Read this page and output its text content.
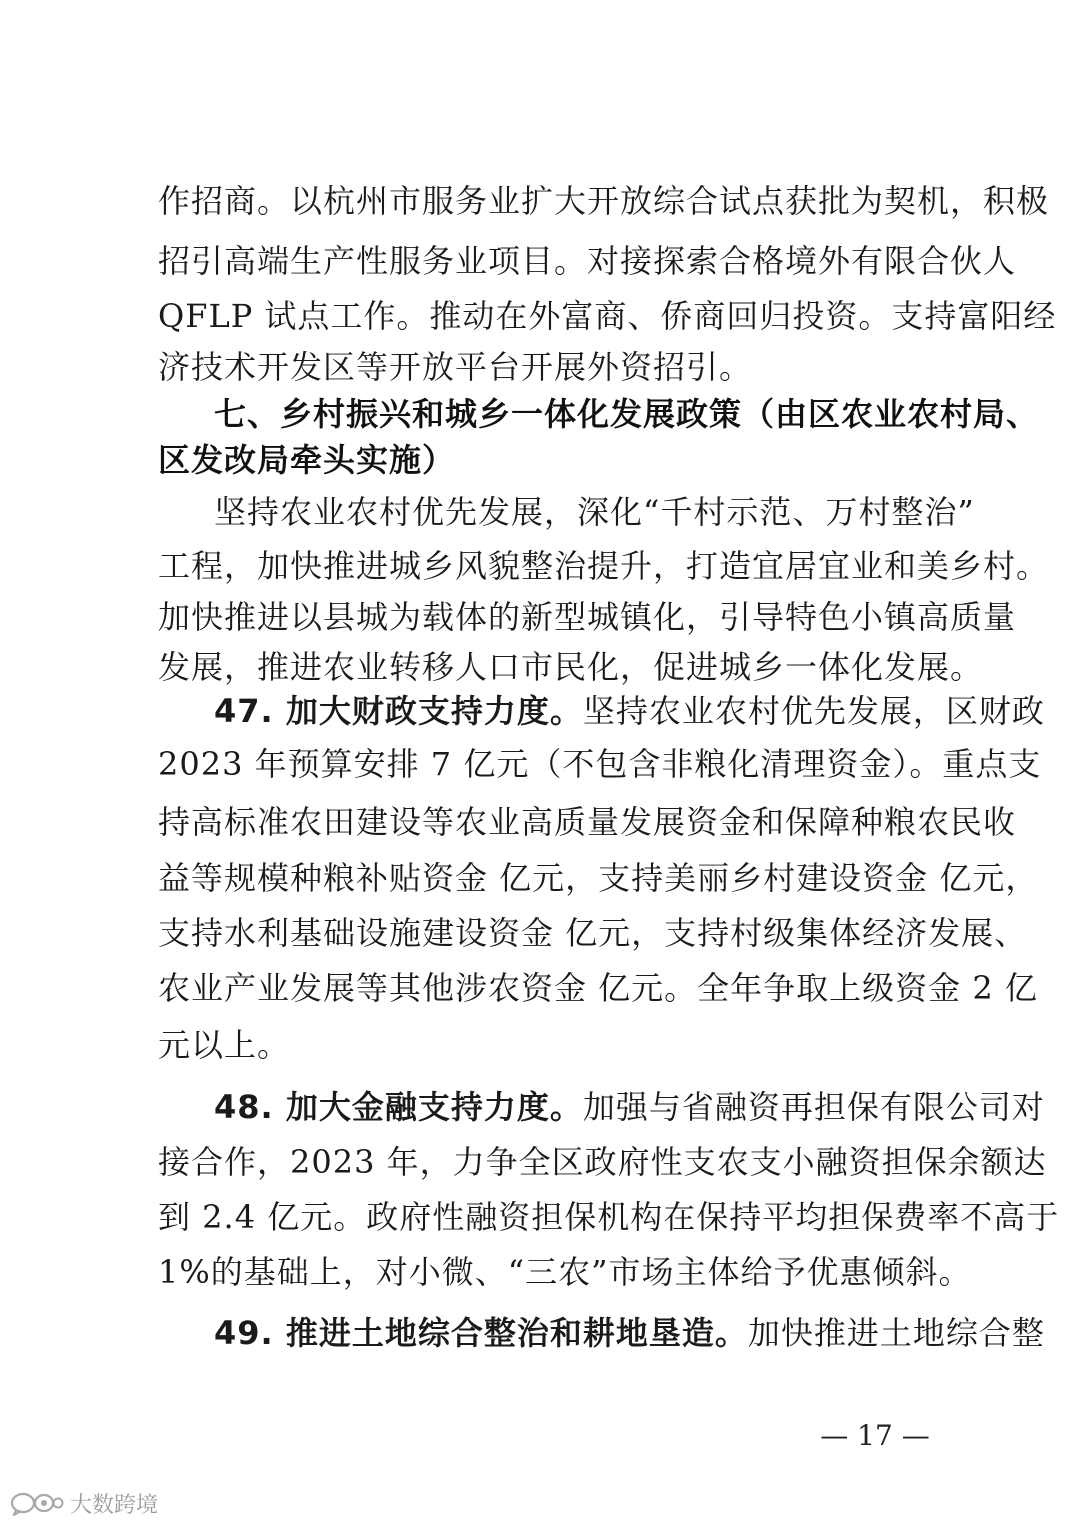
作招商。以杭州市服务业扩大开放综合试点获批为契机，积极
招引高端生产性服务业项目。对接探索合格境外有限合伙人
QFLP 试点工作。推动在外富商、侨商回归投资。支持富阳经
济技术开发区等开放平台开展外资招引。
七、乡村振兴和城乡一体化发展政策（由区农业农村局、
区发改局牵头实施）
坚持农业农村优先发展，深化“千村示范、万村整治”
工程，加快推进城乡风貌整治提升，打造宜居宜业和美乡村。
加快推进以县城为载体的新型城镇化，引导特色小镇高质量
发展，推进农业转移人口市民化，促进城乡一体化发展。
47. 加大财政支持力度。坚持农业农村优先发展，区财政
2023 年预算安排 7 亿元（不包含非粮化清理资金）。重点支
持高标准农田建设等农业高质量发展资金和保障种粮农民收
益等规模种粮补贴资金 亿元，支持美丽乡村建设资金 亿元，
支持水利基础设施建设资金 亿元，支持村级集体经济发展、
农业产业发展等其他涉农资金 亿元。全年争取上级资金 2 亿
元以上。
48. 加大金融支持力度。加强与省融资再担保有限公司对
接合作，2023 年，力争全区政府性支农支小融资担保余额达
到 2.4 亿元。政府性融资担保机构在保持平均担保费率不高于
1%的基础上，对小微、“三农”市场主体给予优惠倾斜。
49. 推进土地综合整治和耕地垦造。加快推进土地综合整
— 17 —
大数跨境
